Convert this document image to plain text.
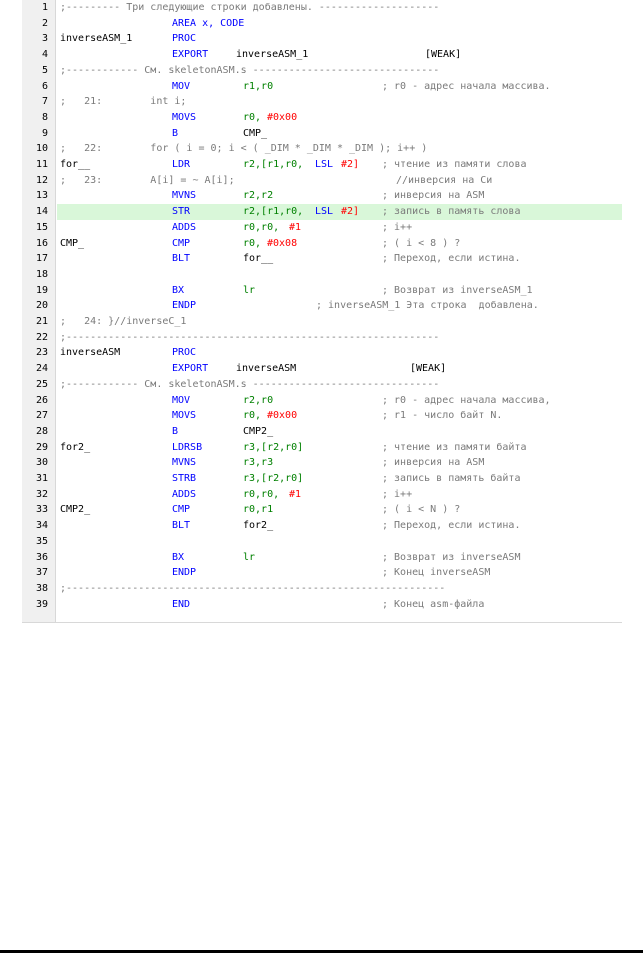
1 ;--------- Три следующие строки добавлены. --------------------
2	AREA x, CODE
3 inverseASM_1	PROC
4	EXPORT	inverseASM_1	[WEAK]
5 ;------------ См. skeletonASM.s -------------------------------
6	MOV	r1,r0	; r0 - адрес начала массива.
7 ;   21:        int i;
8	MOVS	r0, #0x00
9	B	CMP_
10 ;   22:        for ( i = 0; i < ( _DIM * _DIM * _DIM ); i++ )
11 for__	LDR	r2,[r1,r0, LSL #2] ; чтение из памяти слова
12 ;   23:        A[i] = ~ A[i];	//инверсия на Си
13	MVNS	r2,r2	; инверсия на ASM
14	STR	r2,[r1,r0, LSL #2] ; запись в память слова
15	ADDS	r0,r0, #1	; i++
16 CMP_	CMP	r0, #0x08	; ( i < 8 ) ?
17	BLT	for__	; Переход, если истина.
18
19	BX	lr	; Возврат из inverseASM_1
20	ENDP	; inverseASM_1 Эта строка  добавлена.
21 ;   24: }//inverseC_1
22 ;--------------------------------------------------------------
23 inverseASM	PROC
24	EXPORT	inverseASM	[WEAK]
25 ;------------ См. skeletonASM.s -------------------------------
26	MOV	r2,r0	; r0 - адрес начала массива,
27	MOVS	r0, #0x00	; r1 - число байт N.
28	B	CMP2_
29 for2_	LDRSB	r3,[r2,r0]	; чтение из памяти байта
30	MVNS	r3,r3	; инверсия на ASM
31	STRB	r3,[r2,r0]	; запись в память байта
32	ADDS	r0,r0, #1	; i++
33 CMP2_	CMP	r0,r1	; ( i < N ) ?
34	BLT	for2_	; Переход, если истина.
35
36	BX	lr	; Возврат из inverseASM
37	ENDP	; Конец inverseASM
38 ;---------------------------------------------------------------
39	END	; Конец asm-файла
